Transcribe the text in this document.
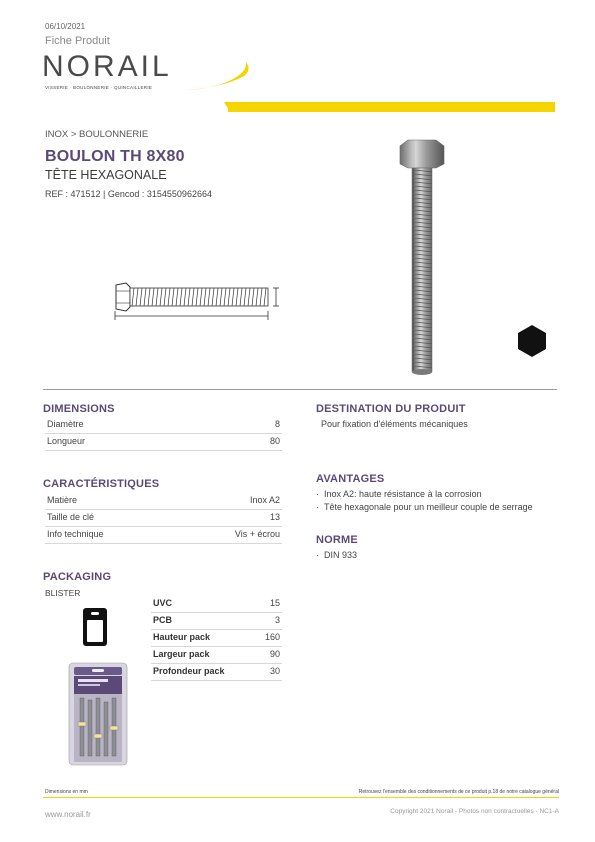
06/10/2021
Fiche Produit
NORAIL
VISSERIE · BOULONNERIE · QUINCAILLERIE
INOX > BOULONNERIE
BOULON TH 8X80
TÊTE HEXAGONALE
REF : 471512 | Gencod : 3154550962664
DIMENSIONS
Diamètre	8
Longueur	80
CARACTÉRISTIQUES
Matière	Inox A2
Taille de clé	13
Info technique	Vis + écrou
PACKAGING
BLISTER
UVC	15
PCB	3
Hauteur pack	160
Largeur pack	90
Profondeur pack	30
DESTINATION DU PRODUIT
Pour fixation d'éléments mécaniques
AVANTAGES
·  Inox A2: haute résistance à la corrosion
·  Tête hexagonale pour un meilleur couple de serrage
NORME
·  DIN 933
Dimensions en mm	Retrouvez l'ensemble des conditionnements de ce produit p.18 de notre catalogue général
www.norail.fr	Copyright 2021 Norail - Photos non contractuelles - NC1-A
